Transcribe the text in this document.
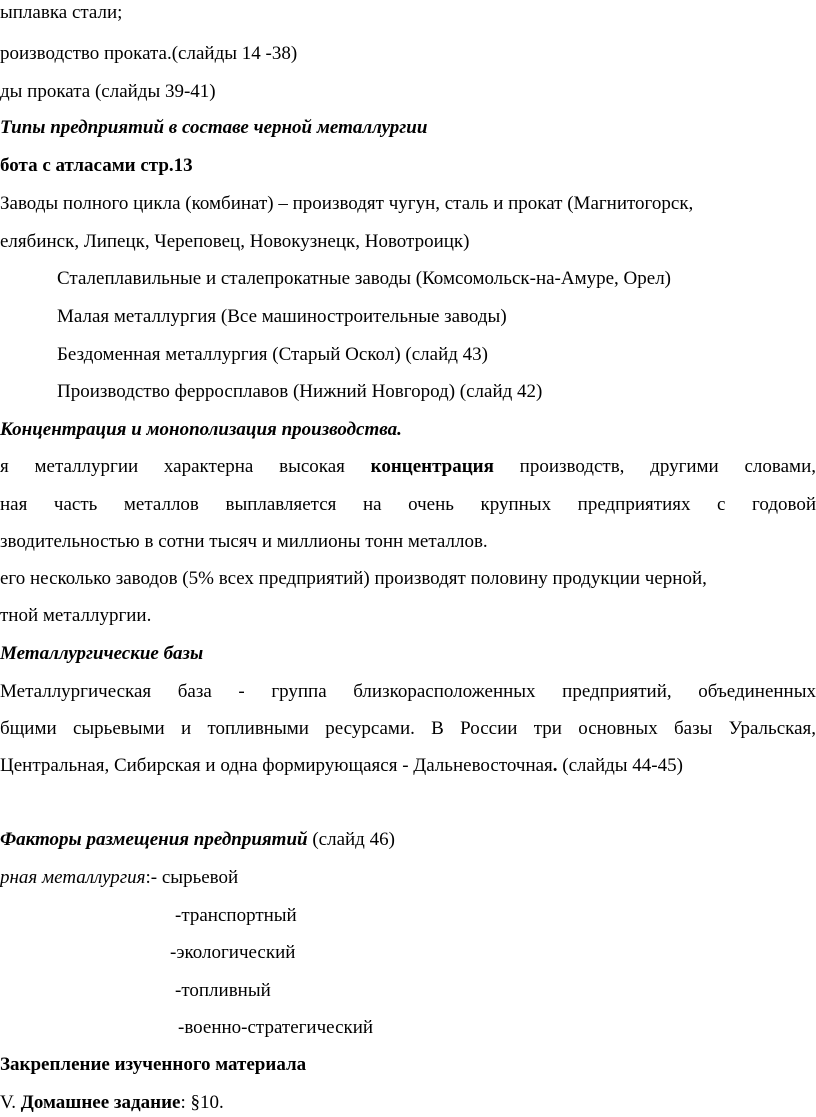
ыплавка стали;
роизводство проката.(слайды 14 -38)
ды проката (слайды 39-41)
Типы предприятий в составе черной металлургии
бота с атласами стр.13
Заводы полного цикла (комбинат) – производят чугун, сталь и прокат (Магнитогорск,
елябинск, Липецк, Череповец, Новокузнецк, Новотроицк)
Сталеплавильные и сталепрокатные заводы (Комсомольск-на-Амуре, Орел)
Малая металлургия (Все машиностроительные заводы)
Бездоменная металлургия (Старый Оскол) (слайд 43)
Производство ферросплавов (Нижний Новгород) (слайд 42)
Концентрация и монополизация производства.
я металлургии характерна высокая концентрация производств, другими словами,
ная часть металлов выплавляется на очень крупных предприятиях с годовой
зводительностью в сотни тысяч и миллионы тонн металлов.
его несколько заводов (5% всех предприятий) производят половину продукции черной,
тной металлургии.
Металлургические базы
Металлургическая база - группа близкорасположенных предприятий, объединенных
бщими сырьевыми и топливными ресурсами. В России три основных базы Уральская,
Центральная, Сибирская и одна формирующаяся - Дальневосточная. (слайды 44-45)
Факторы размещения предприятий (слайд 46)
рная металлургия:- сырьевой
-транспортный
-экологический
-топливный
-военно-стратегический
Закрепление изученного материала
V. Домашнее задание: §10.
